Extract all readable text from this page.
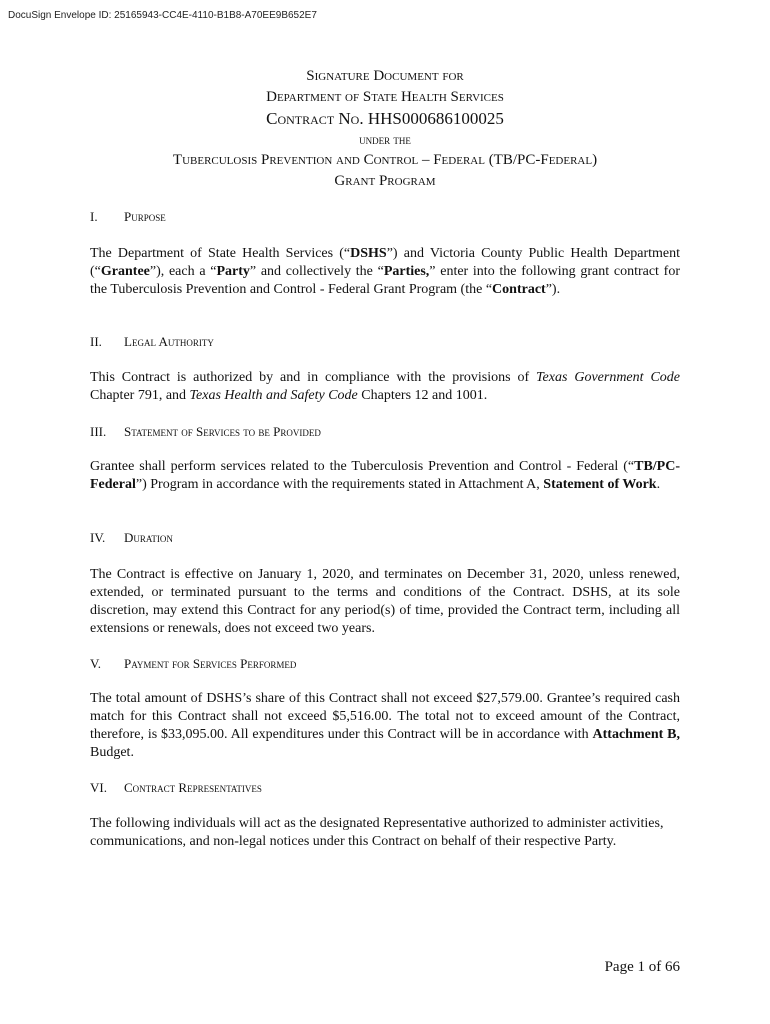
DocuSign Envelope ID: 25165943-CC4E-4110-B1B8-A70EE9B652E7
Signature Document for
Department of State Health Services
Contract No. HHS000686100025
under the
Tuberculosis Prevention and Control – Federal (TB/PC-Federal)
Grant Program
I. Purpose

The Department of State Health Services (“DSHS”) and Victoria County Public Health Department (“Grantee”), each a “Party” and collectively the “Parties,” enter into the following grant contract for the Tuberculosis Prevention and Control - Federal Grant Program (the “Contract”).

II. Legal Authority

This Contract is authorized by and in compliance with the provisions of Texas Government Code Chapter 791, and Texas Health and Safety Code Chapters 12 and 1001.

III. Statement of Services to be Provided

Grantee shall perform services related to the Tuberculosis Prevention and Control - Federal (“TB/PC-Federal”) Program in accordance with the requirements stated in Attachment A, Statement of Work.

IV. Duration

The Contract is effective on January 1, 2020, and terminates on December 31, 2020, unless renewed, extended, or terminated pursuant to the terms and conditions of the Contract. DSHS, at its sole discretion, may extend this Contract for any period(s) of time, provided the Contract term, including all extensions or renewals, does not exceed two years.

V. Payment for Services Performed

The total amount of DSHS’s share of this Contract shall not exceed $27,579.00. Grantee’s required cash match for this Contract shall not exceed $5,516.00. The total not to exceed amount of the Contract, therefore, is $33,095.00. All expenditures under this Contract will be in accordance with Attachment B, Budget.

VI. Contract Representatives

The following individuals will act as the designated Representative authorized to administer activities, communications, and non-legal notices under this Contract on behalf of their respective Party.

Page 1 of 66
